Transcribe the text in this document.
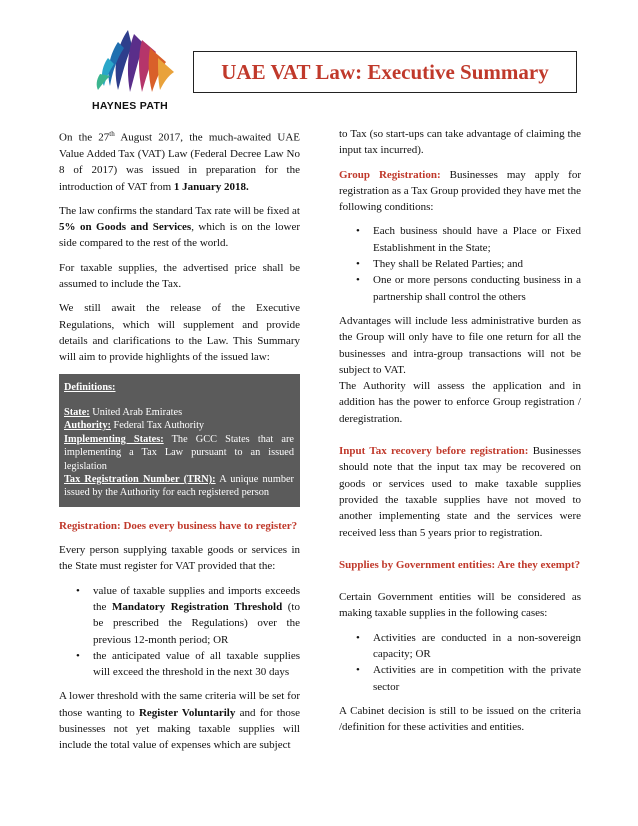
HAYNES PATH
UAE VAT Law: Executive Summary

On the 27th August 2017, the much-awaited UAE Value Added Tax (VAT) Law (Federal Decree Law No 8 of 2017) was issued in preparation for the introduction of VAT from 1 January 2018.

The law confirms the standard Tax rate will be fixed at 5% on Goods and Services, which is on the lower side compared to the rest of the world.

For taxable supplies, the advertised price shall be assumed to include the Tax.

We still await the release of the Executive Regulations, which will supplement and provide details and clarifications to the Law. This Summary will aim to provide highlights of the issued law:

Definitions:
State: United Arab Emirates
Authority: Federal Tax Authority
Implementing States: The GCC States that are implementing a Tax Law pursuant to an issued legislation
Tax Registration Number (TRN): A unique number issued by the Authority for each registered person

Registration: Does every business have to register?

Every person supplying taxable goods or services in the State must register for VAT provided that the:

• value of taxable supplies and imports exceeds the Mandatory Registration Threshold (to be prescribed the Regulations) over the previous 12-month period; OR
• the anticipated value of all taxable supplies will exceed the threshold in the next 30 days

A lower threshold with the same criteria will be set for those wanting to Register Voluntarily and for those businesses not yet making taxable supplies will include the total value of expenses which are subject

to Tax (so start-ups can take advantage of claiming the input tax incurred).

Group Registration: Businesses may apply for registration as a Tax Group provided they have met the following conditions:

• Each business should have a Place or Fixed Establishment in the State;
• They shall be Related Parties; and
• One or more persons conducting business in a partnership shall control the others

Advantages will include less administrative burden as the Group will only have to file one return for all the businesses and intra-group transactions will not be subject to VAT.

The Authority will assess the application and in addition has the power to enforce Group registration / deregistration.

Input Tax recovery before registration: Businesses should note that the input tax may be recovered on goods or services used to make taxable supplies provided the taxable supplies have not moved to another implementing state and the services were received less than 5 years prior to registration.

Supplies by Government entities: Are they exempt?

Certain Government entities will be considered as making taxable supplies in the following cases:

• Activities are conducted in a non-sovereign capacity; OR
• Activities are in competition with the private sector

A Cabinet decision is still to be issued on the criteria /definition for these activities and entities.
